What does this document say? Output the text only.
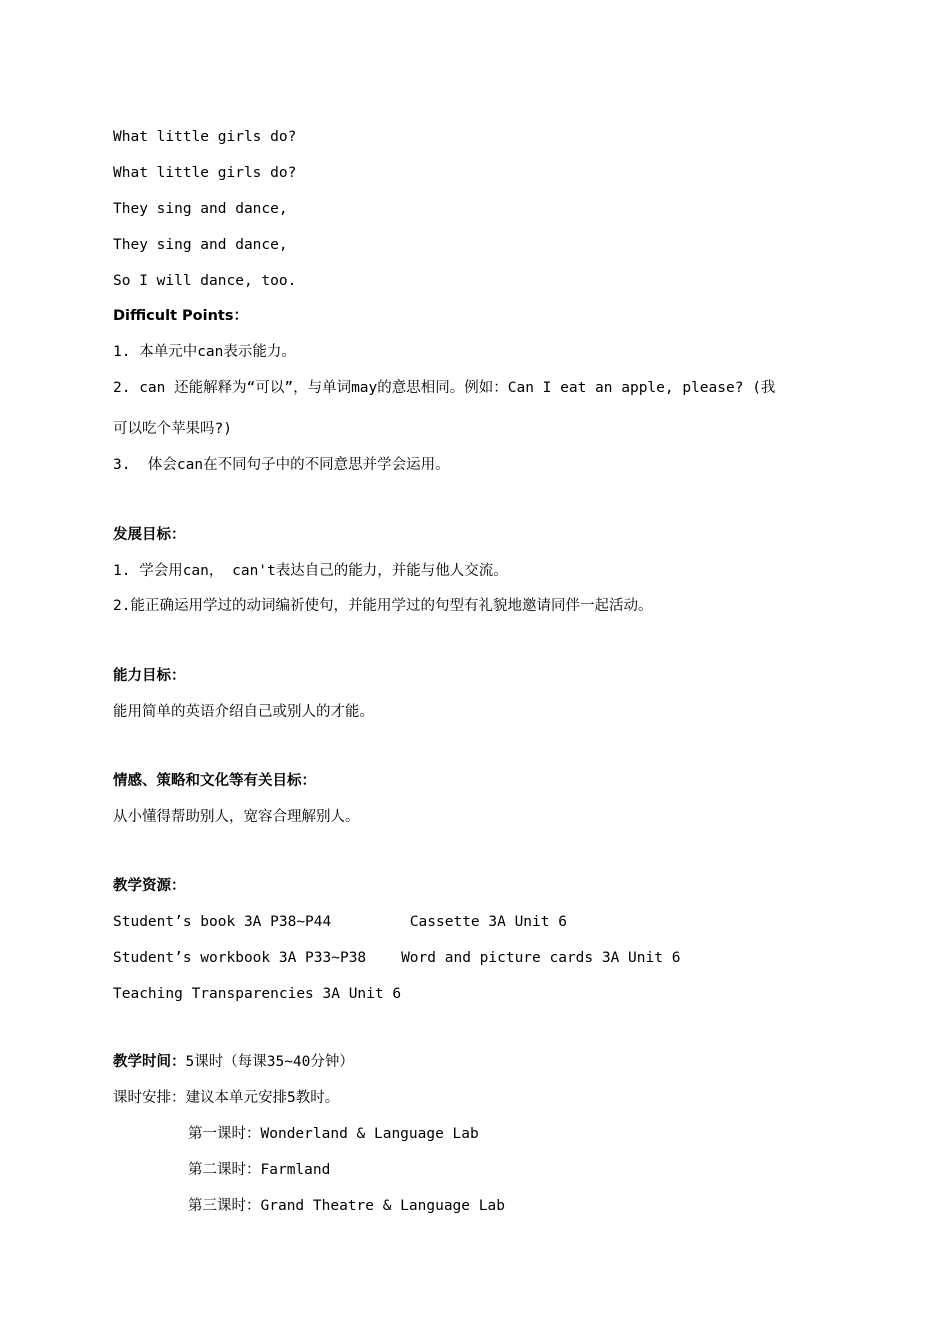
What little girls do?
What little girls do?
They sing and dance,
They sing and dance,
So I will dance, too.
Difficult Points：
1. 本单元中can表示能力。
2. can 还能解释为“可以”，与单词may的意思相同。例如：Can I eat an apple, please? (我
可以吃个苹果吗?)
3.  体会can在不同句子中的不同意思并学会运用。
发展目标：
1. 学会用can， can't表达自己的能力，并能与他人交流。
2.能正确运用学过的动词编祈使句，并能用学过的句型有礼貌地邀请同伴一起活动。
能力目标：
能用简单的英语介绍自己或别人的才能。
情感、策略和文化等有关目标：
从小懂得帮助别人，宽容合理解别人。
教学资源：
Student’s book 3A P38~P44         Cassette 3A Unit 6
Student’s workbook 3A P33~P38    Word and picture cards 3A Unit 6
Teaching Transparencies 3A Unit 6
教学时间：5课时（每课35~40分钟）
课时安排：建议本单元安排5教时。
第一课时：Wonderland & Language Lab
第二课时：Farmland
第三课时：Grand Theatre & Language Lab
